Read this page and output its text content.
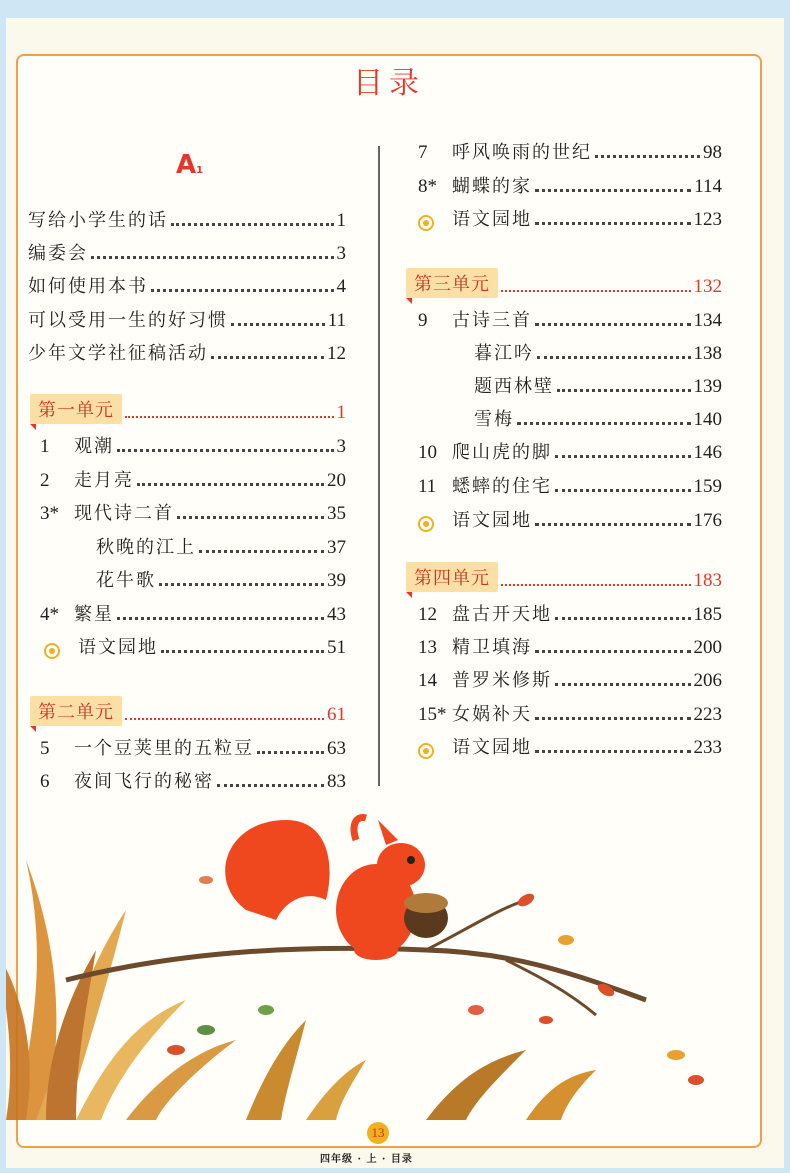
目录
A1
写给小学生的话	1
编委会	3
如何使用本书	4
可以受用一生的好习惯	11
少年文学社征稿活动	12
第一单元	1
1	观潮	3
2	走月亮	20
3* 现代诗二首	35
秋晚的江上	37
花牛歌	39
4* 繁星	43
语文园地	51
第二单元	61
5	一个豆荚里的五粒豆	63
6	夜间飞行的秘密	83
7	呼风唤雨的世纪	98
8* 蝴蝶的家	114
语文园地	123
第三单元	132
9	古诗三首	134
暮江吟	138
题西林壁	139
雪梅	140
10 爬山虎的脚	146
11 蟋蟀的住宅	159
语文园地	176
第四单元	183
12 盘古开天地	185
13 精卫填海	200
14 普罗米修斯	206
15* 女娲补天	223
语文园地	233
13
四年级 · 上 · 目录
